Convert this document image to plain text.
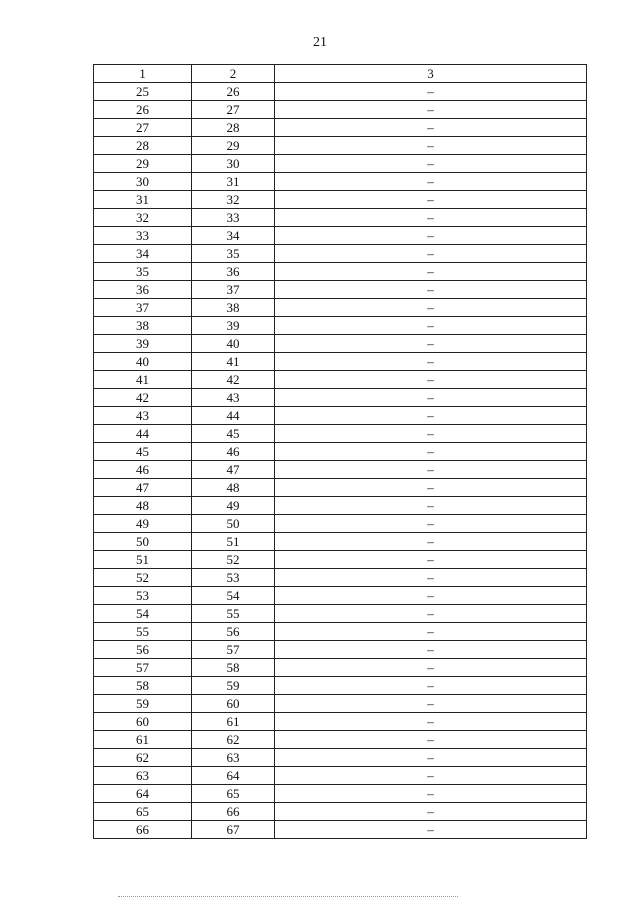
21
1	2	3
25	26	–
26	27	–
27	28	–
28	29	–
29	30	–
30	31	–
31	32	–
32	33	–
33	34	–
34	35	–
35	36	–
36	37	–
37	38	–
38	39	–
39	40	–
40	41	–
41	42	–
42	43	–
43	44	–
44	45	–
45	46	–
46	47	–
47	48	–
48	49	–
49	50	–
50	51	–
51	52	–
52	53	–
53	54	–
54	55	–
55	56	–
56	57	–
57	58	–
58	59	–
59	60	–
60	61	–
61	62	–
62	63	–
63	64	–
64	65	–
65	66	–
66	67	–
